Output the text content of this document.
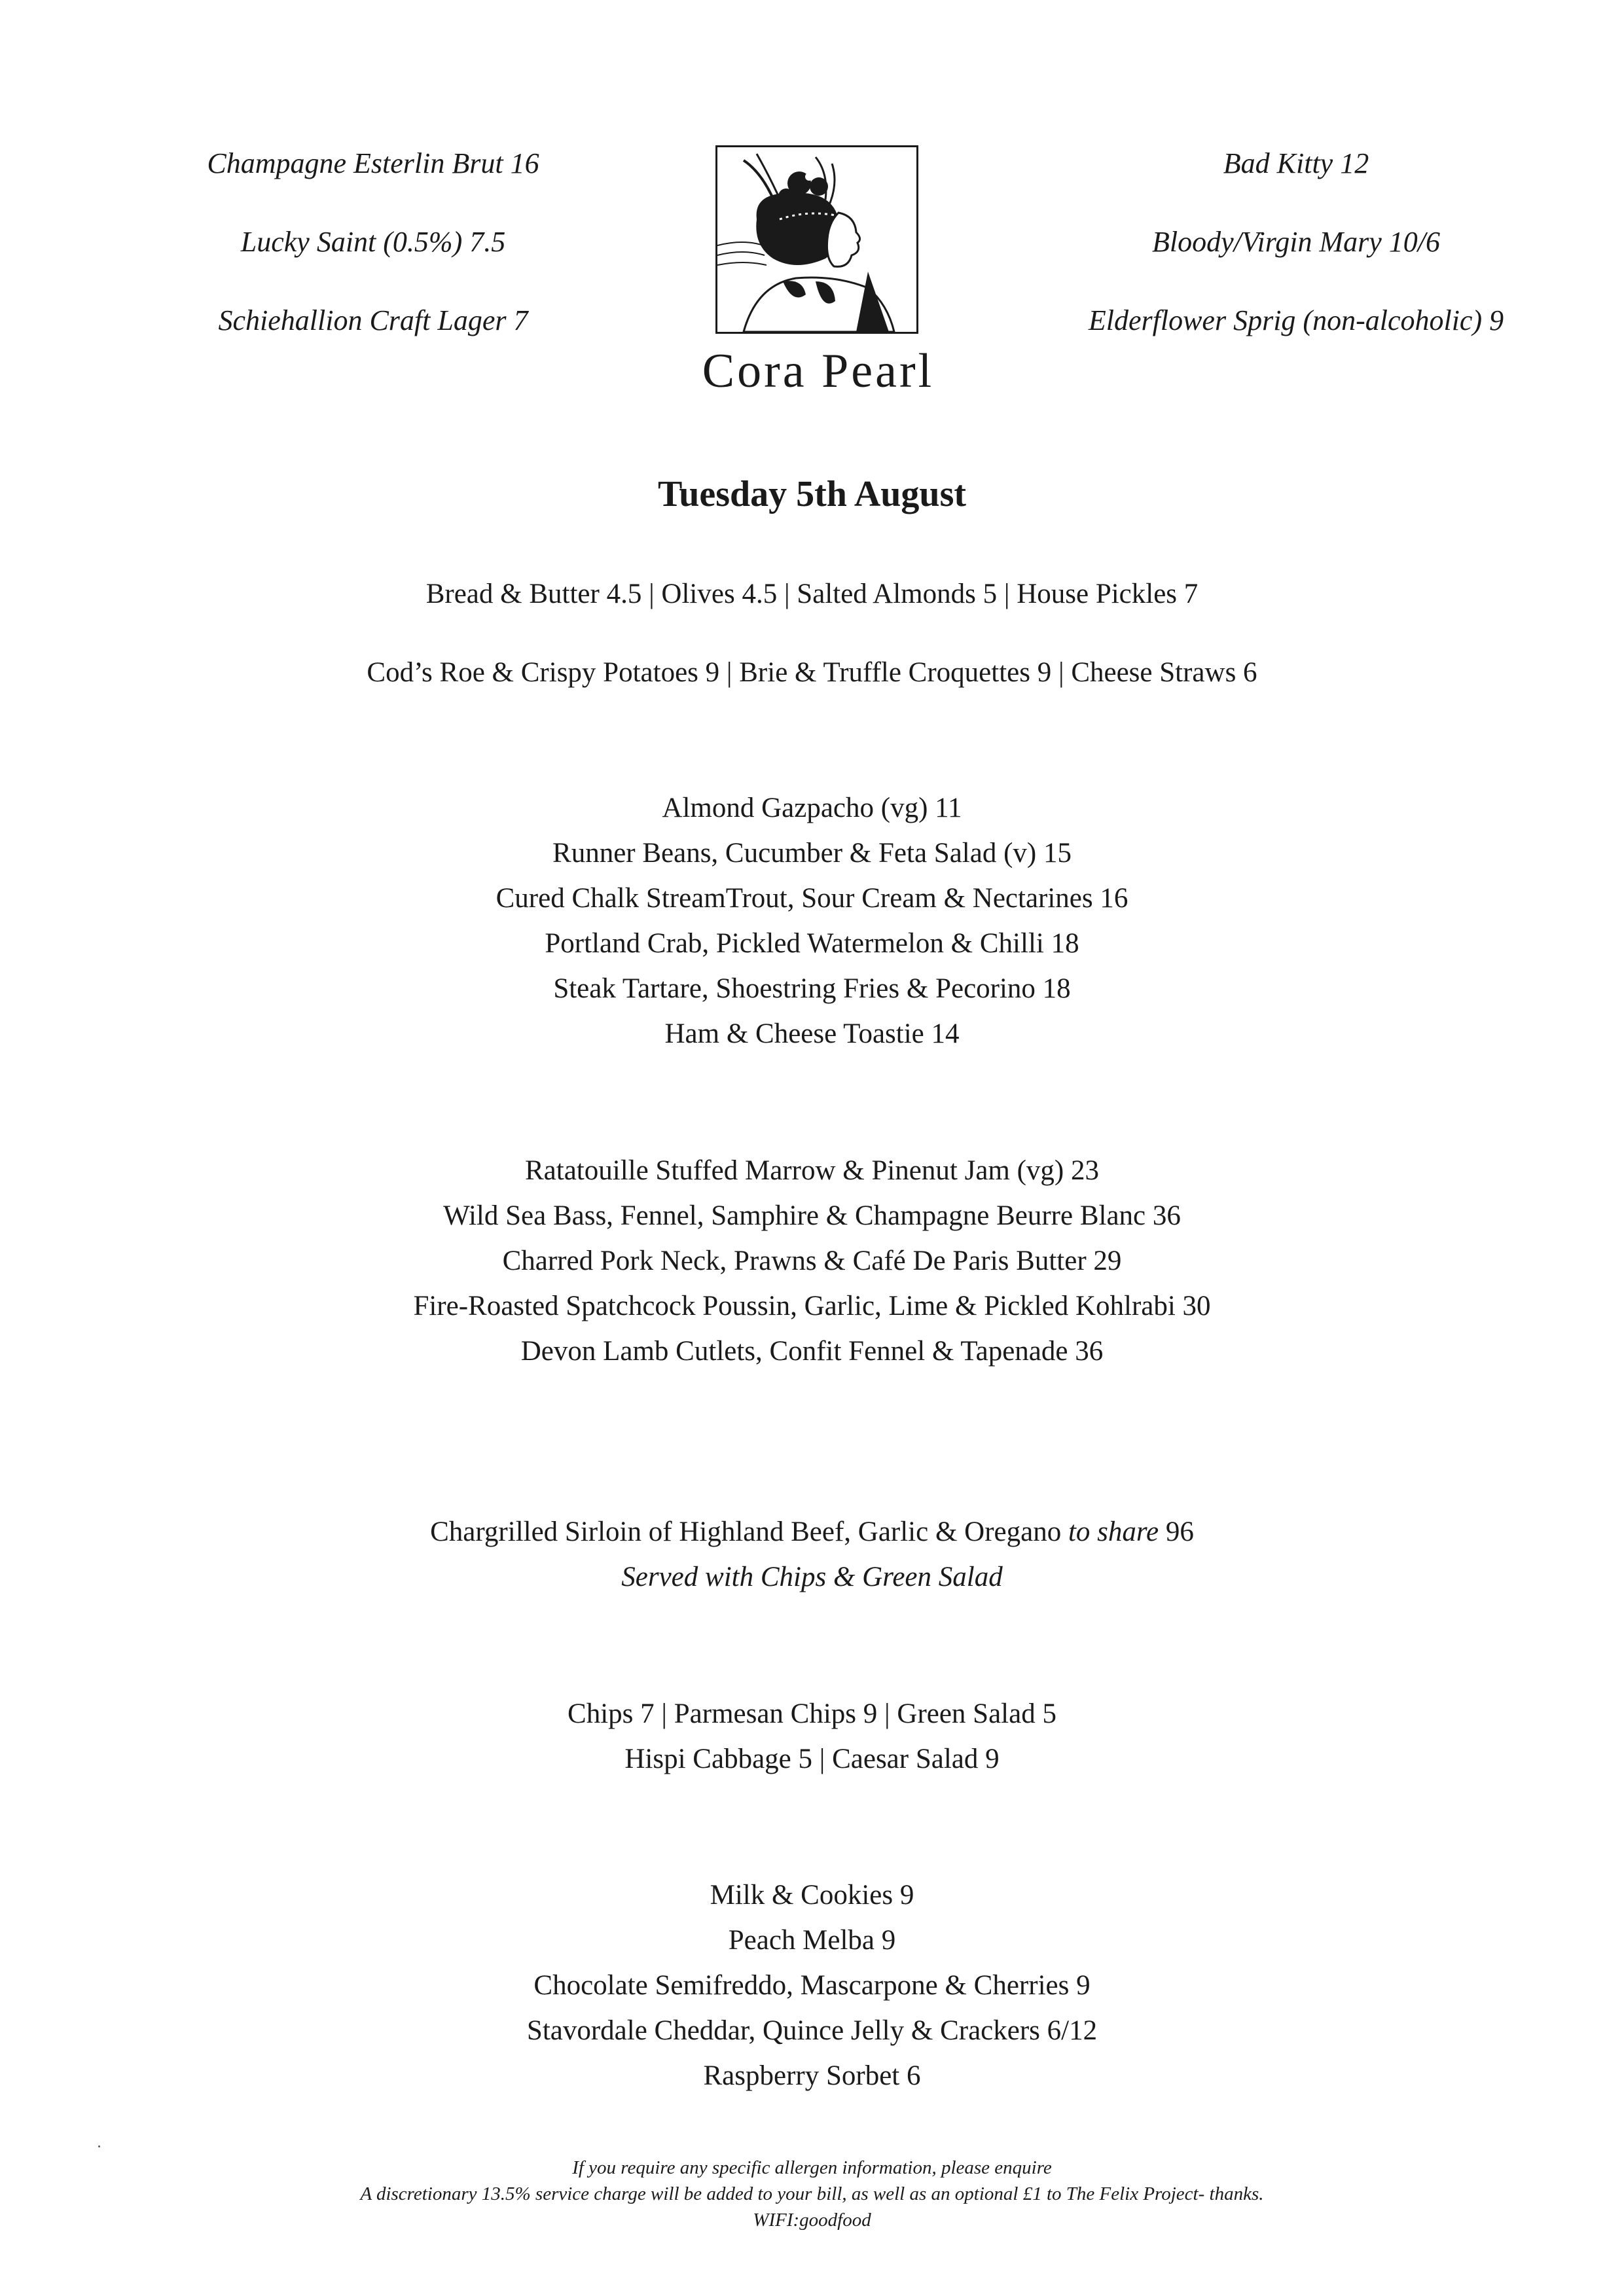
Champagne Esterlin Brut 16
Lucky Saint (0.5%) 7.5
Schiehallion Craft Lager 7
Cora Pearl
Bad Kitty 12
Bloody/Virgin Mary 10/6
Elderflower Sprig (non-alcoholic) 9
Tuesday 5th August
Bread & Butter 4.5 | Olives 4.5 | Salted Almonds 5 | House Pickles 7
Cod’s Roe & Crispy Potatoes 9 | Brie & Truffle Croquettes 9 | Cheese Straws 6
Almond Gazpacho (vg) 11
Runner Beans, Cucumber & Feta Salad (v) 15
Cured Chalk StreamTrout, Sour Cream & Nectarines 16
Portland Crab, Pickled Watermelon & Chilli 18
Steak Tartare, Shoestring Fries & Pecorino 18
Ham & Cheese Toastie 14
Ratatouille Stuffed Marrow & Pinenut Jam (vg) 23
Wild Sea Bass, Fennel, Samphire & Champagne Beurre Blanc 36
Charred Pork Neck, Prawns & Café De Paris Butter 29
Fire-Roasted Spatchcock Poussin, Garlic, Lime & Pickled Kohlrabi 30
Devon Lamb Cutlets, Confit Fennel & Tapenade 36
Chargrilled Sirloin of Highland Beef, Garlic & Oregano to share 96
Served with Chips & Green Salad
Chips 7 | Parmesan Chips 9 | Green Salad 5
Hispi Cabbage 5 | Caesar Salad 9
Milk & Cookies 9
Peach Melba 9
Chocolate Semifreddo, Mascarpone & Cherries 9
Stavordale Cheddar, Quince Jelly & Crackers 6/12
Raspberry Sorbet 6
If you require any specific allergen information, please enquire
A discretionary 13.5% service charge will be added to your bill, as well as an optional £1 to The Felix Project- thanks.
WIFI:goodfood
